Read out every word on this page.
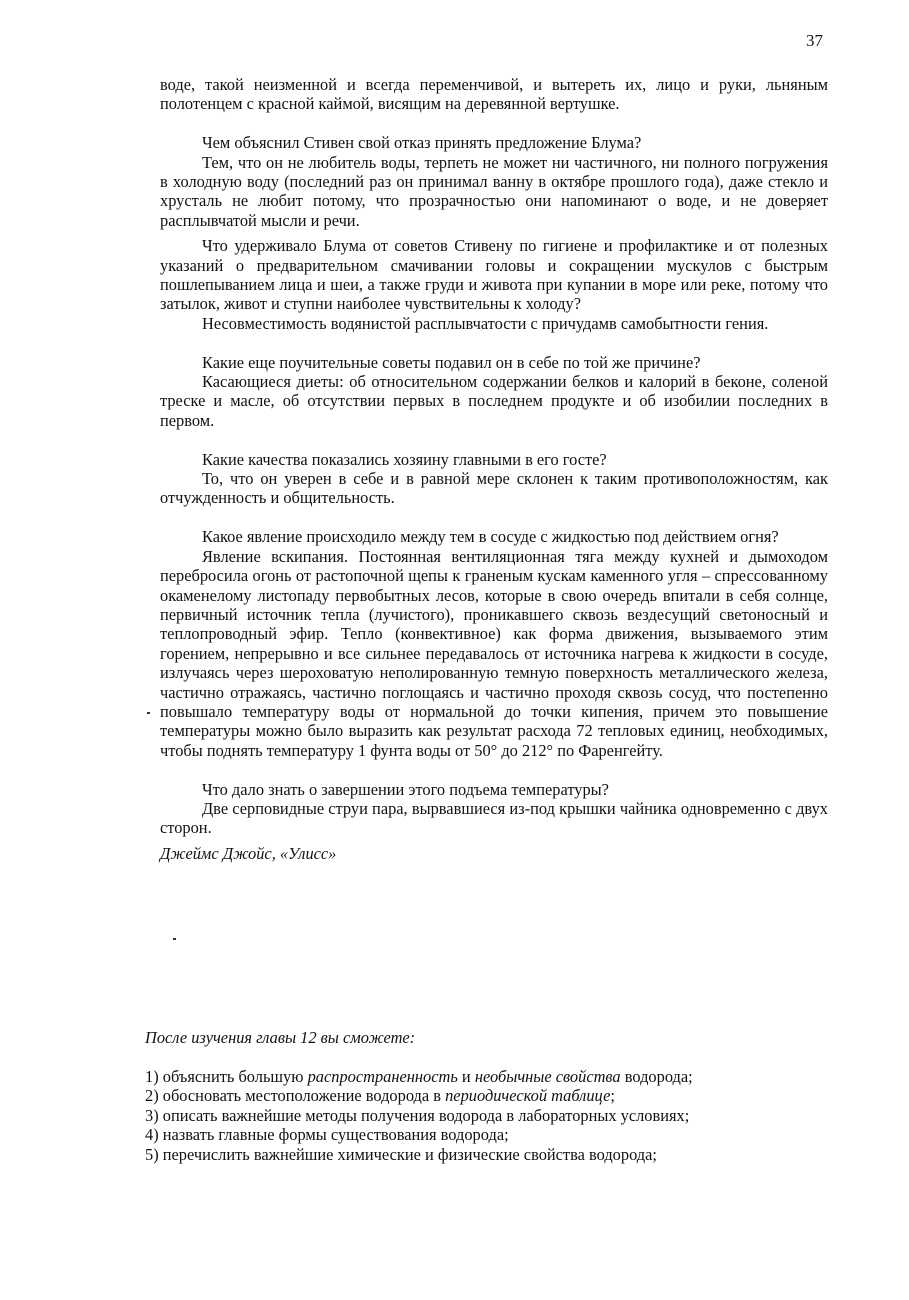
37

воде, такой неизменной и всегда переменчивой, и вытереть их, лицо и руки, льняным полотенцем с красной каймой, висящим на деревянной вертушке.

Чем объяснил Стивен свой отказ принять предложение Блума?

Тем, что он не любитель воды, терпеть не может ни частичного, ни полного погружения в холодную воду (последний раз он принимал ванну в октябре прошлого года), даже стекло и хрусталь не любит потому, что прозрачностью они напоминают о воде, и не доверяет расплывчатой мысли и речи.

Что удерживало Блума от советов Стивену по гигиене и профилактике и от полезных указаний о предварительном смачивании головы и сокращении мускулов с быстрым пошлепыванием лица и шеи, а также груди и живота при купании в море или реке, потому что затылок, живот и ступни наиболее чувствительны к холоду?

Несовместимость водянистой расплывчатости с причудамв самобытности гения.

Какие еще поучительные советы подавил он в себе по той же причине?

Касающиеся диеты: об относительном содержании белков и калорий в беконе, соленой треске и масле, об отсутствии первых в последнем продукте и об изобилии последних в первом.

Какие качества показались хозяину главными в его госте?

То, что он уверен в себе и в равной мере склонен к таким противоположностям, как отчужденность и общительность.

Какое явление происходило между тем в сосуде с жидкостью под действием огня?

Явление вскипания. Постоянная вентиляционная тяга между кухней и дымоходом перебросила огонь от растопочной щепы к граненым кускам каменного угля – спрессованному окаменелому листопаду первобытных лесов, которые в свою очередь впитали в себя солнце, первичный источник тепла (лучистого), проникавшего сквозь вездесущий светоносный и теплопроводный эфир. Тепло (конвективное) как форма движения, вызываемого этим горением, непрерывно и все сильнее передавалось от источника нагрева к жидкости в сосуде, излучаясь через шероховатую неполированную темную поверхность металлического железа, частично отражаясь, частично поглощаясь и частично проходя сквозь сосуд, что постепенно повышало температуру воды от нормальной до точки кипения, причем это повышение температуры можно было выразить как результат расхода 72 тепловых единиц, необходимых, чтобы поднять температуру 1 фунта воды от 50° до 212° по Фаренгейту.

Что дало знать о завершении этого подъема температуры?

Две серповидные струи пара, вырвавшиеся из-под крышки чайника одновременно с двух сторон.

Джеймс Джойс, «Улисс»

После изучения главы 12 вы сможете:

1) объяснить большую распространенность и необычные свойства водорода;
2) обосновать местоположение водорода в периодической таблице;
3) описать важнейшие методы получения водорода в лабораторных условиях;
4) назвать главные формы существования водорода;
5) перечислить важнейшие химические и физические свойства водорода;
